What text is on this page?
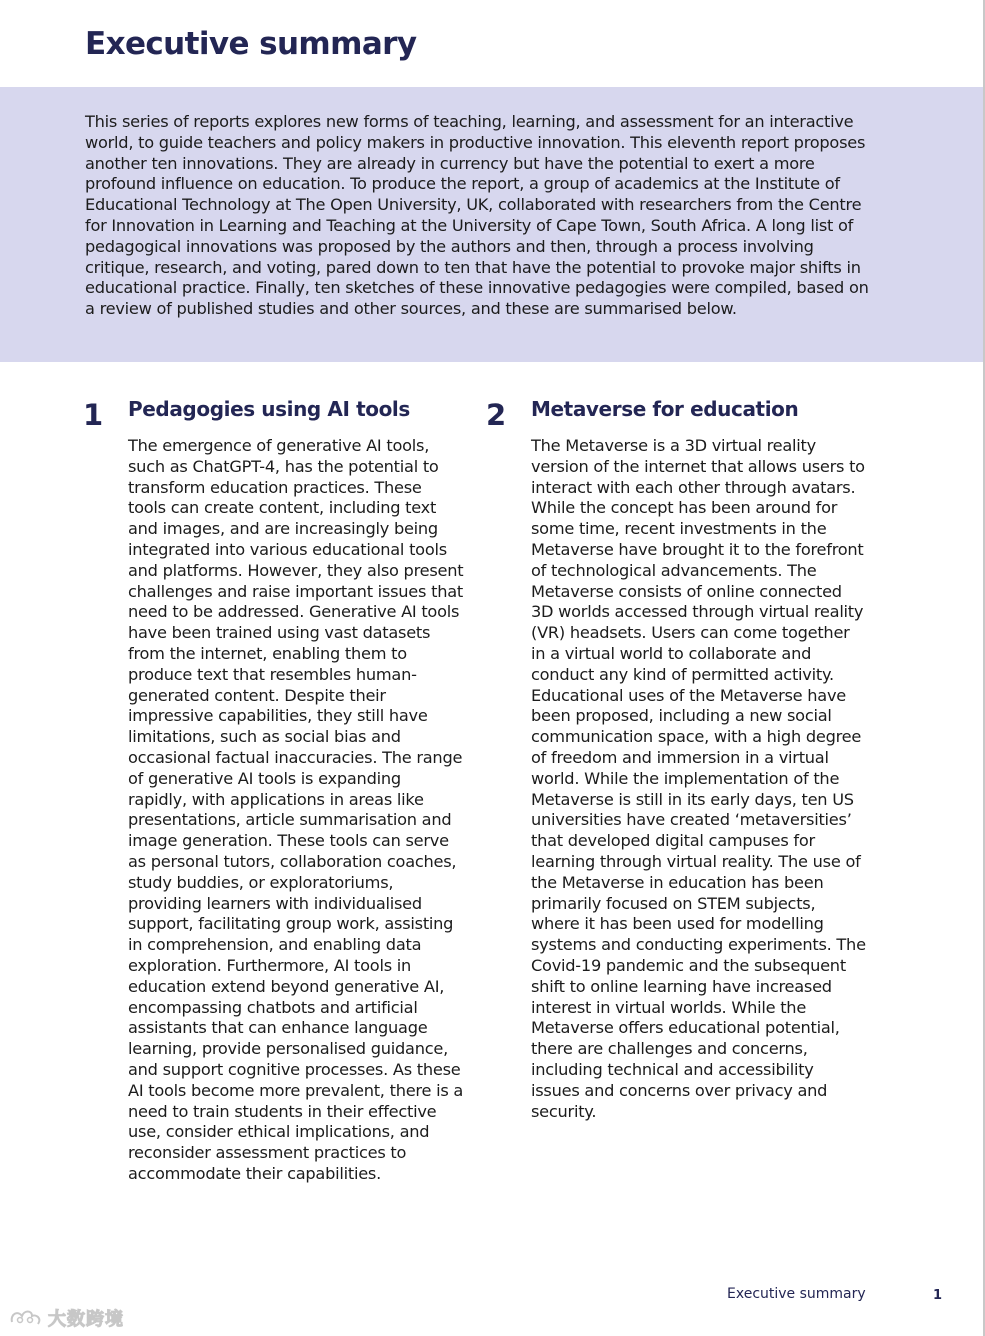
Executive summary

This series of reports explores new forms of teaching, learning, and assessment for an interactive world, to guide teachers and policy makers in productive innovation. This eleventh report proposes another ten innovations. They are already in currency but have the potential to exert a more profound influence on education. To produce the report, a group of academics at the Institute of Educational Technology at The Open University, UK, collaborated with researchers from the Centre for Innovation in Learning and Teaching at the University of Cape Town, South Africa. A long list of pedagogical innovations was proposed by the authors and then, through a process involving critique, research, and voting, pared down to ten that have the potential to provoke major shifts in educational practice. Finally, ten sketches of these innovative pedagogies were compiled, based on a review of published studies and other sources, and these are summarised below.

1 Pedagogies using AI tools

The emergence of generative AI tools, such as ChatGPT-4, has the potential to transform education practices. These tools can create content, including text and images, and are increasingly being integrated into various educational tools and platforms. However, they also present challenges and raise important issues that need to be addressed. Generative AI tools have been trained using vast datasets from the internet, enabling them to produce text that resembles human-generated content. Despite their impressive capabilities, they still have limitations, such as social bias and occasional factual inaccuracies. The range of generative AI tools is expanding rapidly, with applications in areas like presentations, article summarisation and image generation. These tools can serve as personal tutors, collaboration coaches, study buddies, or exploratoriums, providing learners with individualised support, facilitating group work, assisting in comprehension, and enabling data exploration. Furthermore, AI tools in education extend beyond generative AI, encompassing chatbots and artificial assistants that can enhance language learning, provide personalised guidance, and support cognitive processes. As these AI tools become more prevalent, there is a need to train students in their effective use, consider ethical implications, and reconsider assessment practices to accommodate their capabilities.

2 Metaverse for education

The Metaverse is a 3D virtual reality version of the internet that allows users to interact with each other through avatars. While the concept has been around for some time, recent investments in the Metaverse have brought it to the forefront of technological advancements. The Metaverse consists of online connected 3D worlds accessed through virtual reality (VR) headsets. Users can come together in a virtual world to collaborate and conduct any kind of permitted activity. Educational uses of the Metaverse have been proposed, including a new social communication space, with a high degree of freedom and immersion in a virtual world. While the implementation of the Metaverse is still in its early days, ten US universities have created ‘metaversities’ that developed digital campuses for learning through virtual reality. The use of the Metaverse in education has been primarily focused on STEM subjects, where it has been used for modelling systems and conducting experiments. The Covid-19 pandemic and the subsequent shift to online learning have increased interest in virtual worlds. While the Metaverse offers educational potential, there are challenges and concerns, including technical and accessibility issues and concerns over privacy and security.

Executive summary	1
大数跨境
